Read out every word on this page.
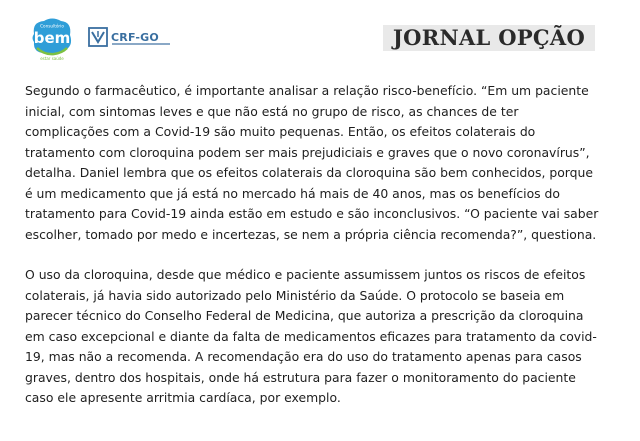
Consultório
bem
estar saúde
CRF-GO	JORNAL OPÇÃO

Segundo o farmacêutico, é importante analisar a relação risco-benefício. “Em um paciente
inicial, com sintomas leves e que não está no grupo de risco, as chances de ter
complicações com a Covid-19 são muito pequenas. Então, os efeitos colaterais do
tratamento com cloroquina podem ser mais prejudiciais e graves que o novo coronavírus”,
detalha. Daniel lembra que os efeitos colaterais da cloroquina são bem conhecidos, porque
é um medicamento que já está no mercado há mais de 40 anos, mas os benefícios do
tratamento para Covid-19 ainda estão em estudo e são inconclusivos. “O paciente vai saber
escolher, tomado por medo e incertezas, se nem a própria ciência recomenda?”, questiona.

O uso da cloroquina, desde que médico e paciente assumissem juntos os riscos de efeitos
colaterais, já havia sido autorizado pelo Ministério da Saúde. O protocolo se baseia em
parecer técnico do Conselho Federal de Medicina, que autoriza a prescrição da cloroquina
em caso excepcional e diante da falta de medicamentos eficazes para tratamento da covid-
19, mas não a recomenda. A recomendação era do uso do tratamento apenas para casos
graves, dentro dos hospitais, onde há estrutura para fazer o monitoramento do paciente
caso ele apresente arritmia cardíaca, por exemplo.
